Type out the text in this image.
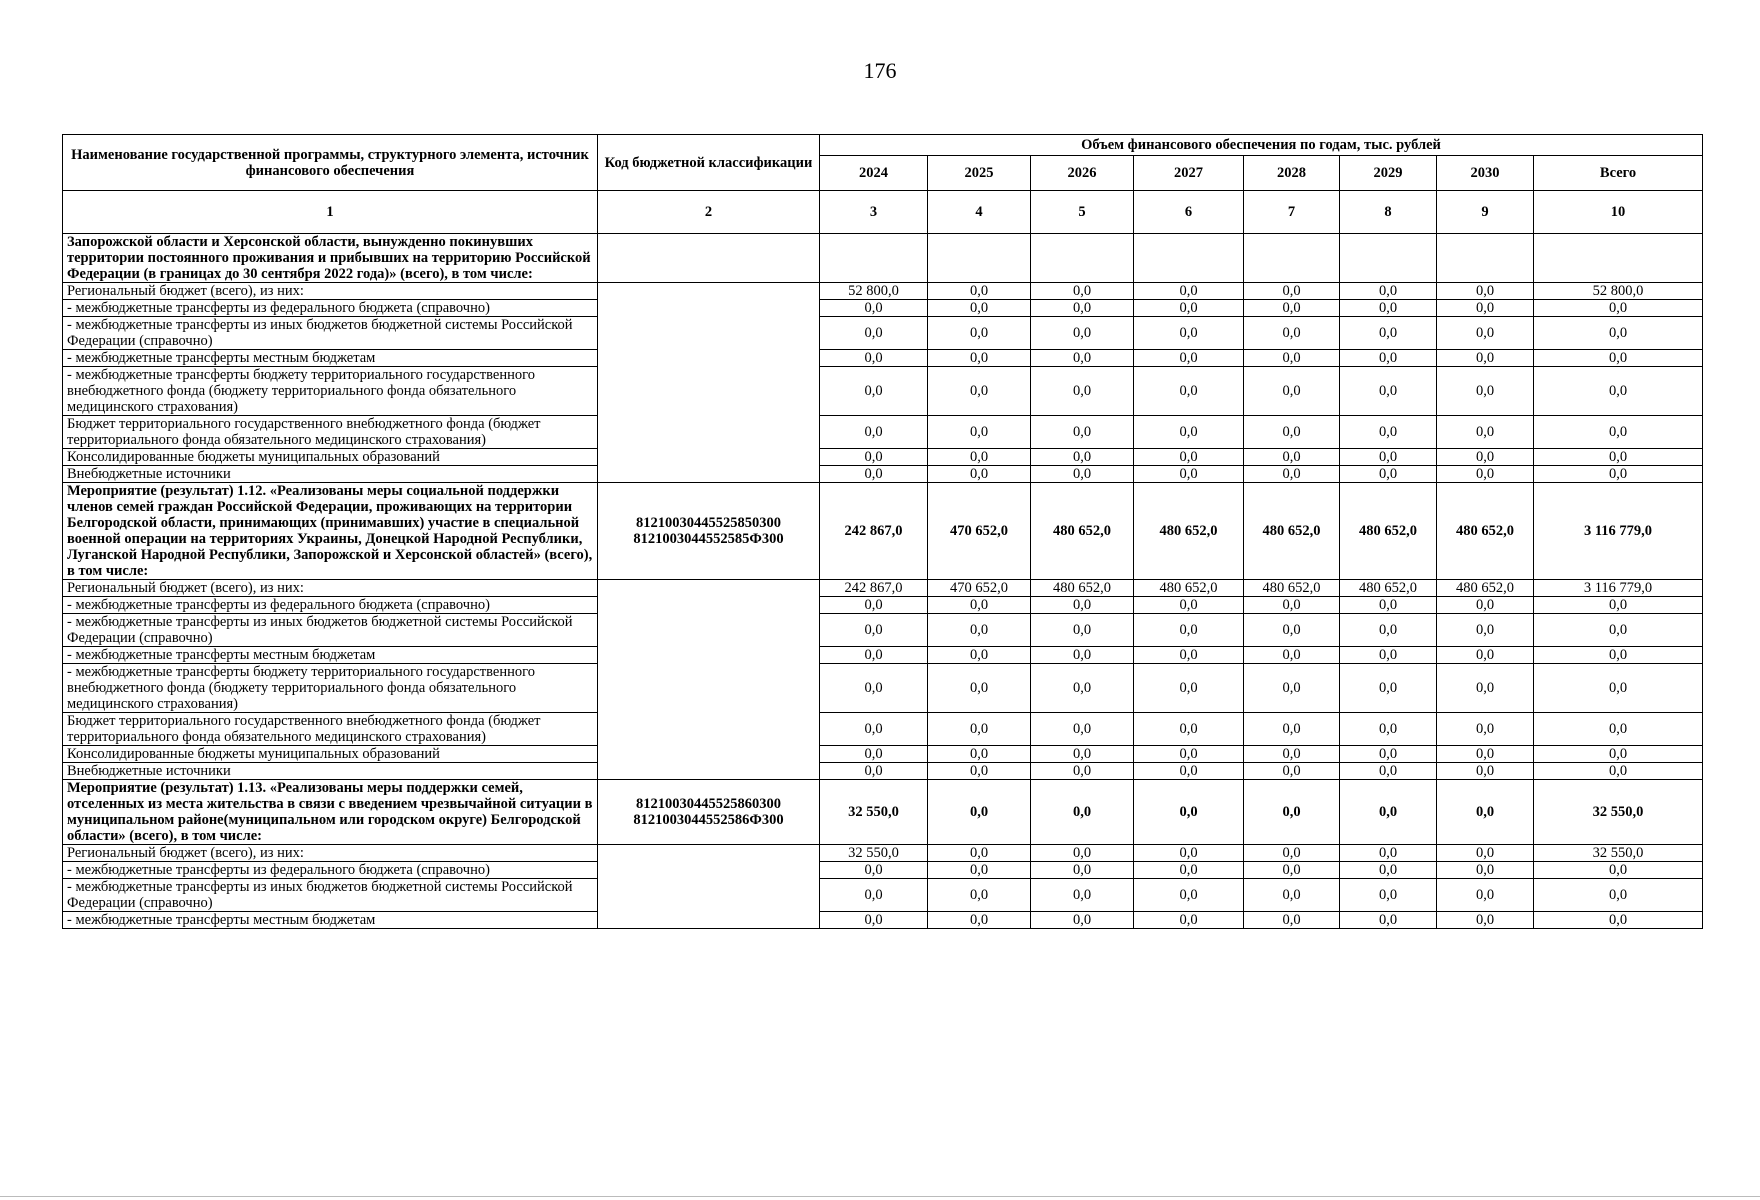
176
Наименование государственной программы, структурного элемента, источник финансового обеспечения	Код бюджетной классификации	Объем финансового обеспечения по годам, тыс. рублей							
		2024	2025	2026	2027	2028	2029	2030	Всего
1	2	3	4	5	6	7	8	9	10
Запорожской области и Херсонской области, вынужденно покинувших территории постоянного проживания и прибывших на территорию Российской Федерации (в границах до 30 сентября 2022 года)» (всего), в том числе:									
Региональный бюджет (всего), из них:		52 800,0	0,0	0,0	0,0	0,0	0,0	0,0	52 800,0
- межбюджетные трансферты из федерального бюджета (справочно)		0,0	0,0	0,0	0,0	0,0	0,0	0,0	0,0
- межбюджетные трансферты из иных бюджетов бюджетной системы Российской Федерации (справочно)		0,0	0,0	0,0	0,0	0,0	0,0	0,0	0,0
- межбюджетные трансферты местным бюджетам		0,0	0,0	0,0	0,0	0,0	0,0	0,0	0,0
- межбюджетные трансферты бюджету территориального государственного внебюджетного фонда (бюджету территориального фонда обязательного медицинского страхования)		0,0	0,0	0,0	0,0	0,0	0,0	0,0	0,0
Бюджет территориального государственного внебюджетного фонда (бюджет территориального фонда обязательного медицинского страхования)		0,0	0,0	0,0	0,0	0,0	0,0	0,0	0,0
Консолидированные бюджеты муниципальных образований		0,0	0,0	0,0	0,0	0,0	0,0	0,0	0,0
Внебюджетные источники		0,0	0,0	0,0	0,0	0,0	0,0	0,0	0,0
Мероприятие (результат) 1.12. «Реализованы меры социальной поддержки членов семей граждан Российской Федерации, проживающих на территории Белгородской области, принимающих (принимавших) участие в специальной военной операции на территориях Украины, Донецкой Народной Республики, Луганской Народной Республики, Запорожской и Херсонской областей» (всего), в том числе:	81210030445525850300 8121003044552585Ф300	242 867,0	470 652,0	480 652,0	480 652,0	480 652,0	480 652,0	480 652,0	3 116 779,0
Региональный бюджет (всего), из них:		242 867,0	470 652,0	480 652,0	480 652,0	480 652,0	480 652,0	480 652,0	3 116 779,0
- межбюджетные трансферты из федерального бюджета (справочно)		0,0	0,0	0,0	0,0	0,0	0,0	0,0	0,0
- межбюджетные трансферты из иных бюджетов бюджетной системы Российской Федерации (справочно)		0,0	0,0	0,0	0,0	0,0	0,0	0,0	0,0
- межбюджетные трансферты местным бюджетам		0,0	0,0	0,0	0,0	0,0	0,0	0,0	0,0
- межбюджетные трансферты бюджету территориального государственного внебюджетного фонда (бюджету территориального фонда обязательного медицинского страхования)		0,0	0,0	0,0	0,0	0,0	0,0	0,0	0,0
Бюджет территориального государственного внебюджетного фонда (бюджет территориального фонда обязательного медицинского страхования)		0,0	0,0	0,0	0,0	0,0	0,0	0,0	0,0
Консолидированные бюджеты муниципальных образований		0,0	0,0	0,0	0,0	0,0	0,0	0,0	0,0
Внебюджетные источники		0,0	0,0	0,0	0,0	0,0	0,0	0,0	0,0
Мероприятие (результат) 1.13. «Реализованы меры поддержки семей, отселенных из места жительства в связи с введением чрезвычайной ситуации в муниципальном районе(муниципальном или городском округе) Белгородской области» (всего), в том числе:	81210030445525860300 8121003044552586Ф300	32 550,0	0,0	0,0	0,0	0,0	0,0	0,0	32 550,0
Региональный бюджет (всего), из них:		32 550,0	0,0	0,0	0,0	0,0	0,0	0,0	32 550,0
- межбюджетные трансферты из федерального бюджета (справочно)		0,0	0,0	0,0	0,0	0,0	0,0	0,0	0,0
- межбюджетные трансферты из иных бюджетов бюджетной системы Российской Федерации (справочно)		0,0	0,0	0,0	0,0	0,0	0,0	0,0	0,0
- межбюджетные трансферты местным бюджетам		0,0	0,0	0,0	0,0	0,0	0,0	0,0	0,0
